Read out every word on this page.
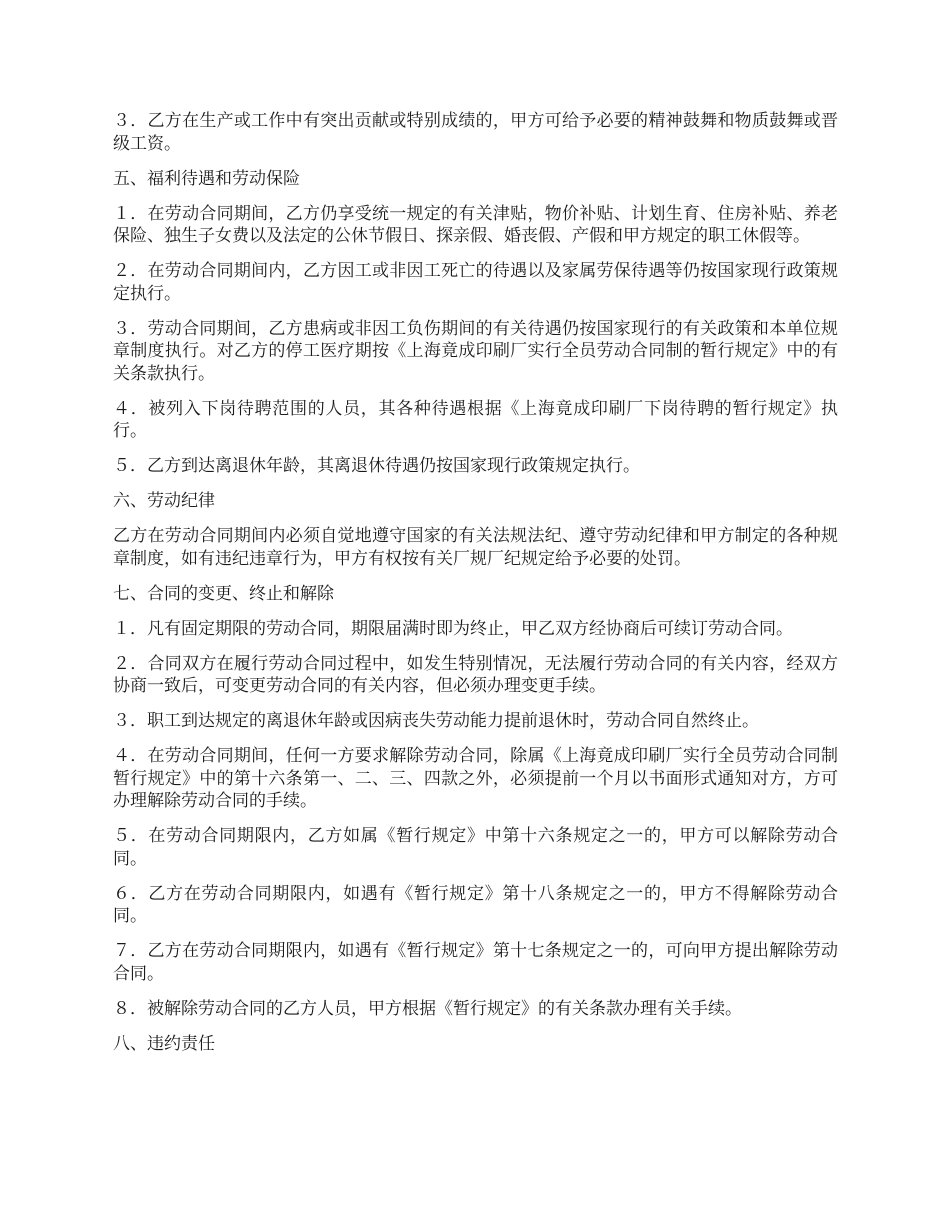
３．乙方在生产或工作中有突出贡献或特别成绩的，甲方可给予必要的精神鼓舞和物质鼓舞或晋级工资。

五、福利待遇和劳动保险

１．在劳动合同期间，乙方仍享受统一规定的有关津贴，物价补贴、计划生育、住房补贴、养老保险、独生子女费以及法定的公休节假日、探亲假、婚丧假、产假和甲方规定的职工休假等。

２．在劳动合同期间内，乙方因工或非因工死亡的待遇以及家属劳保待遇等仍按国家现行政策规定执行。

３．劳动合同期间，乙方患病或非因工负伤期间的有关待遇仍按国家现行的有关政策和本单位规章制度执行。对乙方的停工医疗期按《上海竟成印刷厂实行全员劳动合同制的暂行规定》中的有关条款执行。

４．被列入下岗待聘范围的人员，其各种待遇根据《上海竟成印刷厂下岗待聘的暂行规定》执行。

５．乙方到达离退休年龄，其离退休待遇仍按国家现行政策规定执行。

六、劳动纪律

乙方在劳动合同期间内必须自觉地遵守国家的有关法规法纪、遵守劳动纪律和甲方制定的各种规章制度，如有违纪违章行为，甲方有权按有关厂规厂纪规定给予必要的处罚。

七、合同的变更、终止和解除

１．凡有固定期限的劳动合同，期限届满时即为终止，甲乙双方经协商后可续订劳动合同。

２．合同双方在履行劳动合同过程中，如发生特别情况，无法履行劳动合同的有关内容，经双方协商一致后，可变更劳动合同的有关内容，但必须办理变更手续。

３．职工到达规定的离退休年龄或因病丧失劳动能力提前退休时，劳动合同自然终止。

４．在劳动合同期间，任何一方要求解除劳动合同，除属《上海竟成印刷厂实行全员劳动合同制暂行规定》中的第十六条第一、二、三、四款之外，必须提前一个月以书面形式通知对方，方可办理解除劳动合同的手续。

５．在劳动合同期限内，乙方如属《暂行规定》中第十六条规定之一的，甲方可以解除劳动合同。

６．乙方在劳动合同期限内，如遇有《暂行规定》第十八条规定之一的，甲方不得解除劳动合同。

７．乙方在劳动合同期限内，如遇有《暂行规定》第十七条规定之一的，可向甲方提出解除劳动合同。

８．被解除劳动合同的乙方人员，甲方根据《暂行规定》的有关条款办理有关手续。

八、违约责任
